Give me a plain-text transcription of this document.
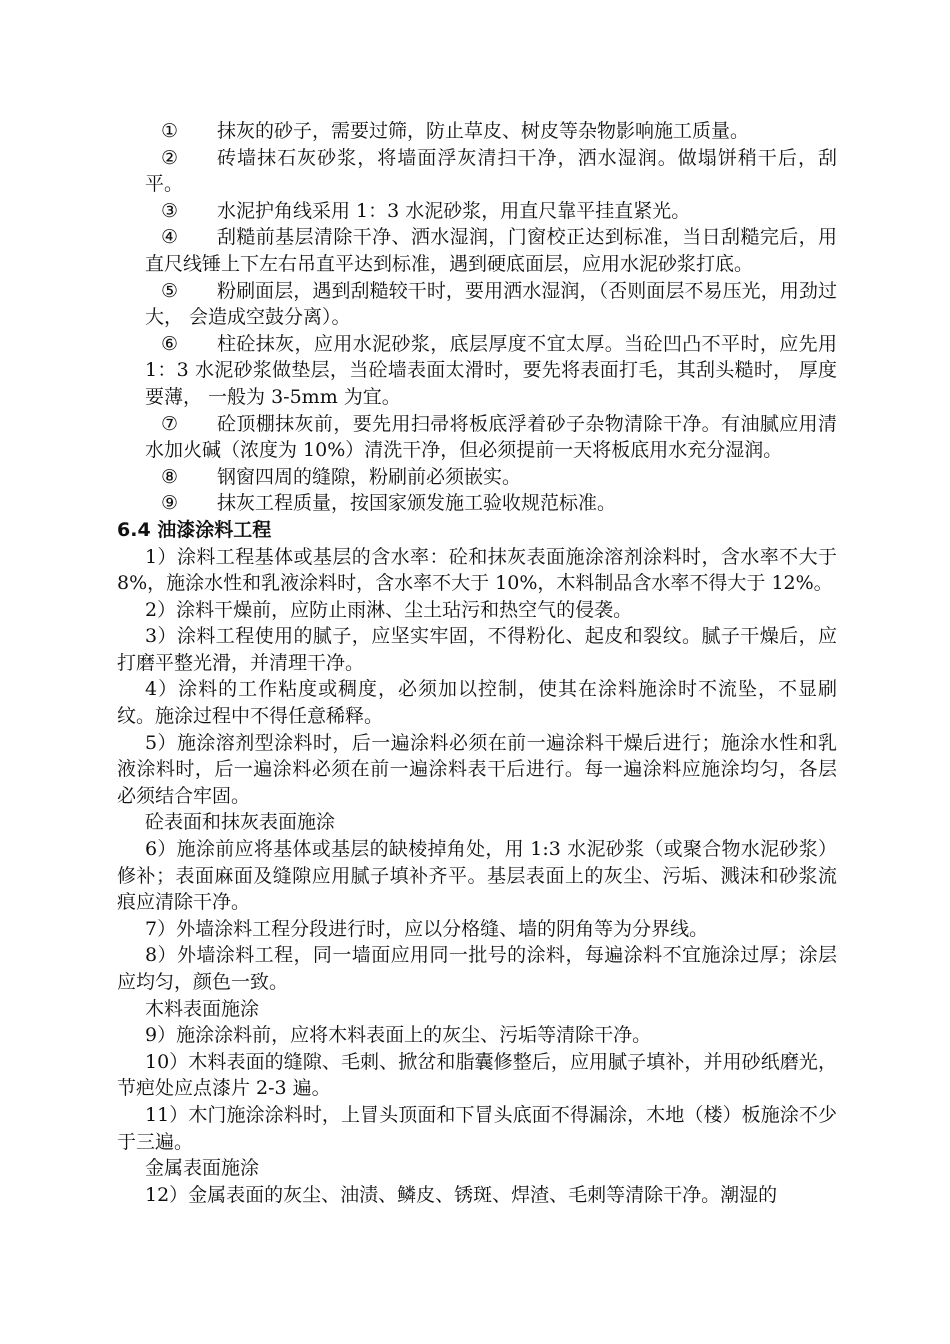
①	抹灰的砂子，需要过筛，防止草皮、树皮等杂物影响施工质量。

②	砖墙抹石灰砂浆，将墙面浮灰清扫干净，洒水湿润。做塌饼稍干后，刮平。

③	水泥护角线采用 1：3 水泥砂浆，用直尺靠平挂直紧光。

④	刮糙前基层清除干净、洒水湿润，门窗校正达到标准，当日刮糙完后，用直尺线锤上下左右吊直平达到标准，遇到硬底面层，应用水泥砂浆打底。

⑤	粉刷面层，遇到刮糙较干时，要用洒水湿润，（否则面层不易压光，用劲过大， 会造成空鼓分离）。

⑥	柱砼抹灰，应用水泥砂浆，底层厚度不宜太厚。当砼凹凸不平时，应先用 1：3 水泥砂浆做垫层，当砼墙表面太滑时，要先将表面打毛，其刮头糙时， 厚度要薄， 一般为 3-5mm 为宜。

⑦	砼顶棚抹灰前，要先用扫帚将板底浮着砂子杂物清除干净。有油腻应用清水加火碱（浓度为 10%）清洗干净，但必须提前一天将板底用水充分湿润。

⑧	钢窗四周的缝隙，粉刷前必须嵌实。

⑨	抹灰工程质量，按国家颁发施工验收规范标准。

6.4 油漆涂料工程

1）涂料工程基体或基层的含水率：砼和抹灰表面施涂溶剂涂料时，含水率不大于 8%，施涂水性和乳液涂料时，含水率不大于 10%，木料制品含水率不得大于 12%。

2）涂料干燥前，应防止雨淋、尘土玷污和热空气的侵袭。

3）涂料工程使用的腻子，应坚实牢固，不得粉化、起皮和裂纹。腻子干燥后，应打磨平整光滑，并清理干净。

4）涂料的工作粘度或稠度，必须加以控制，使其在涂料施涂时不流坠，不显刷纹。施涂过程中不得任意稀释。

5）施涂溶剂型涂料时，后一遍涂料必须在前一遍涂料干燥后进行；施涂水性和乳液涂料时，后一遍涂料必须在前一遍涂料表干后进行。每一遍涂料应施涂均匀，各层必须结合牢固。

砼表面和抹灰表面施涂

6）施涂前应将基体或基层的缺棱掉角处，用 1:3 水泥砂浆（或聚合物水泥砂浆）修补；表面麻面及缝隙应用腻子填补齐平。基层表面上的灰尘、污垢、溅沫和砂浆流痕应清除干净。

7）外墙涂料工程分段进行时，应以分格缝、墙的阴角等为分界线。

8）外墙涂料工程，同一墙面应用同一批号的涂料，每遍涂料不宜施涂过厚；涂层应均匀，颜色一致。

木料表面施涂

9）施涂涂料前，应将木料表面上的灰尘、污垢等清除干净。

10）木料表面的缝隙、毛刺、掀岔和脂囊修整后，应用腻子填补，并用砂纸磨光，节疤处应点漆片 2-3 遍。

11）木门施涂涂料时，上冒头顶面和下冒头底面不得漏涂，木地（楼）板施涂不少于三遍。

金属表面施涂

12）金属表面的灰尘、油渍、鳞皮、锈斑、焊渣、毛刺等清除干净。潮湿的
